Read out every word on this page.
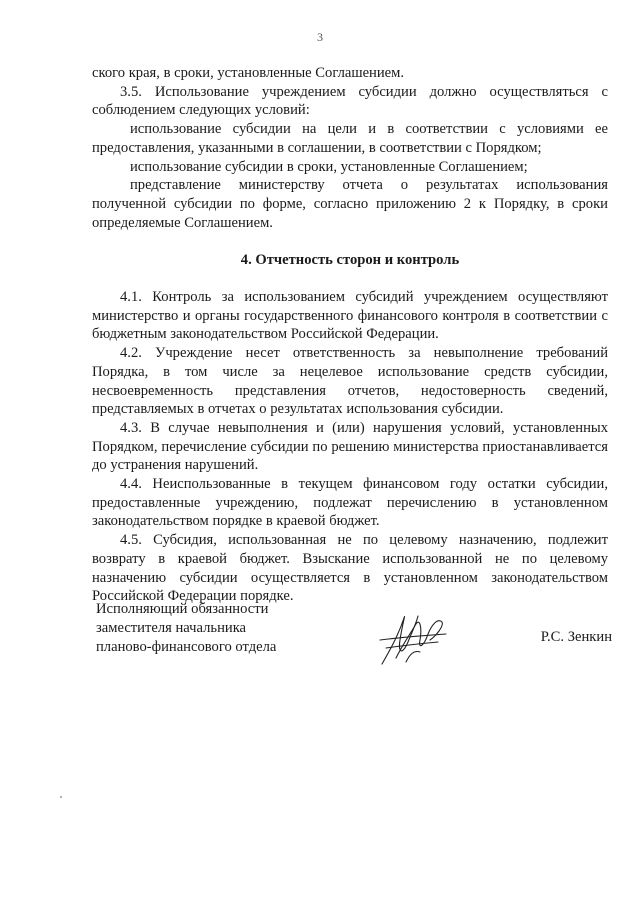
3

ского края, в сроки, установленные Соглашением.

3.5. Использование учреждением субсидии должно осуществляться с соблюдением следующих условий:

использование субсидии на цели и в соответствии с условиями ее предоставления, указанными в соглашении, в соответствии с Порядком;

использование субсидии в сроки, установленные Соглашением;

представление министерству отчета о результатах использования полученной субсидии по форме, согласно приложению 2 к Порядку, в сроки определяемые Соглашением.

4. Отчетность сторон и контроль

4.1. Контроль за использованием субсидий учреждением осуществляют министерство и органы государственного финансового контроля в соответствии с бюджетным законодательством Российской Федерации.

4.2. Учреждение несет ответственность за невыполнение требований Порядка, в том числе за нецелевое использование средств субсидии, несвоевременность представления отчетов, недостоверность сведений, представляемых в отчетах о результатах использования субсидии.

4.3. В случае невыполнения и (или) нарушения условий, установленных Порядком, перечисление субсидии по решению министерства приостанавливается до устранения нарушений.

4.4. Неиспользованные в текущем финансовом году остатки субсидии, предоставленные учреждению, подлежат перечислению в установленном законодательством порядке в краевой бюджет.

4.5. Субсидия, использованная не по целевому назначению, подлежит возврату в краевой бюджет. Взыскание использованной не по целевому назначению субсидии осуществляется в установленном законодательством Российской Федерации порядке.

Исполняющий обязанности
заместителя начальника
планово-финансового отдела
Р.С. Зенкин
